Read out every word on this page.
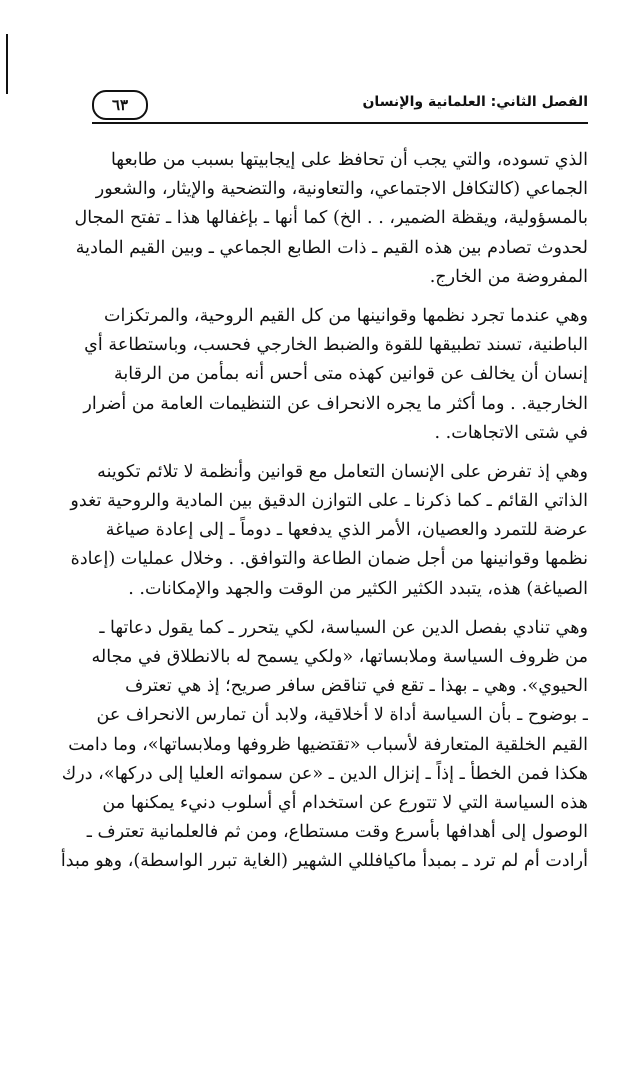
٦٣	الفصل الثاني: العلمانية والإنسان

الذي تسوده، والتي يجب أن تحافظ على إيجابيتها بسبب من طابعها
الجماعي (كالتكافل الاجتماعي، والتعاونية، والتضحية والإيثار، والشعور
بالمسؤولية، ويقظة الضمير، . . الخ) كما أنها ـ بإغفالها هذا ـ تفتح المجال
لحدوث تصادم بين هذه القيم ـ ذات الطابع الجماعي ـ وبين القيم المادية
المفروضة من الخارج.

وهي عندما تجرد نظمها وقوانينها من كل القيم الروحية، والمرتكزات
الباطنية، تسند تطبيقها للقوة والضبط الخارجي فحسب، وباستطاعة أي
إنسان أن يخالف عن قوانين كهذه متى أحس أنه بمأمن من الرقابة
الخارجية. . وما أكثر ما يجره الانحراف عن التنظيمات العامة من أضرار
في شتى الاتجاهات. .

وهي إذ تفرض على الإنسان التعامل مع قوانين وأنظمة لا تلائم تكوينه
الذاتي القائم ـ كما ذكرنا ـ على التوازن الدقيق بين المادية والروحية تغدو
عرضة للتمرد والعصيان، الأمر الذي يدفعها ـ دوماً ـ إلى إعادة صياغة
نظمها وقوانينها من أجل ضمان الطاعة والتوافق. . وخلال عمليات (إعادة
الصياغة) هذه، يتبدد الكثير الكثير من الوقت والجهد والإمكانات. .

وهي تنادي بفصل الدين عن السياسة، لكي يتحرر ـ كما يقول دعاتها ـ
من ظروف السياسة وملابساتها، «ولكي يسمح له بالانطلاق في مجاله
الحيوي». وهي ـ بهذا ـ تقع في تناقض سافر صريح؛ إذ هي تعترف
ـ بوضوح ـ بأن السياسة أداة لا أخلاقية، ولابد أن تمارس الانحراف عن
القيم الخلقية المتعارفة لأسباب «تقتضيها ظروفها وملابساتها»، وما دامت
هكذا فمن الخطأ ـ إذاً ـ إنزال الدين ـ «عن سمواته العليا إلى دركها»، درك
هذه السياسة التي لا تتورع عن استخدام أي أسلوب دنيء يمكنها من
الوصول إلى أهدافها بأسرع وقت مستطاع، ومن ثم فالعلمانية تعترف ـ
أرادت أم لم ترد ـ بمبدأ ماكيافللي الشهير (الغاية تبرر الواسطة)، وهو مبدأ
